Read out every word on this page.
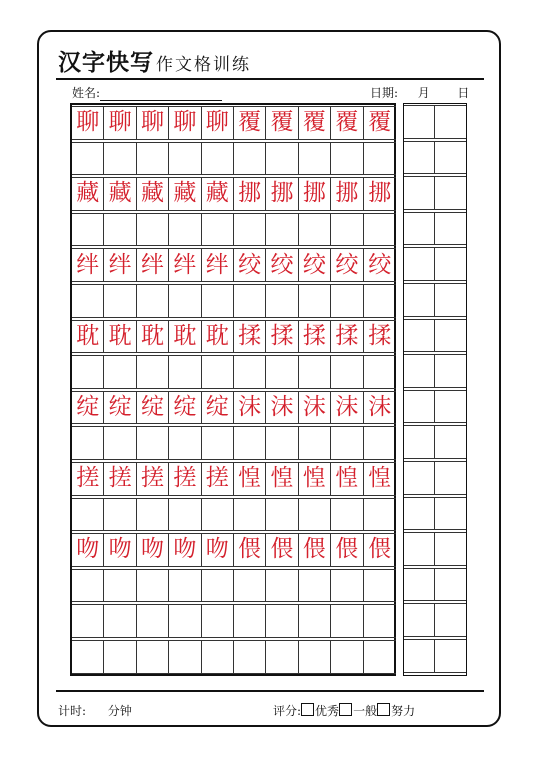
汉字快写 作文格训练
姓名:	日期: 月 日
聊 聊 聊 聊 聊 覆 覆 覆 覆 覆
藏 藏 藏 藏 藏 挪 挪 挪 挪 挪
绊 绊 绊 绊 绊 绞 绞 绞 绞 绞
耽 耽 耽 耽 耽 揉 揉 揉 揉 揉
绽 绽 绽 绽 绽 沫 沫 沫 沫 沫
搓 搓 搓 搓 搓 惶 惶 惶 惶 惶
吻 吻 吻 吻 吻 偎 偎 偎 偎 偎
计时: 分钟	评分: 优秀 一般 努力
